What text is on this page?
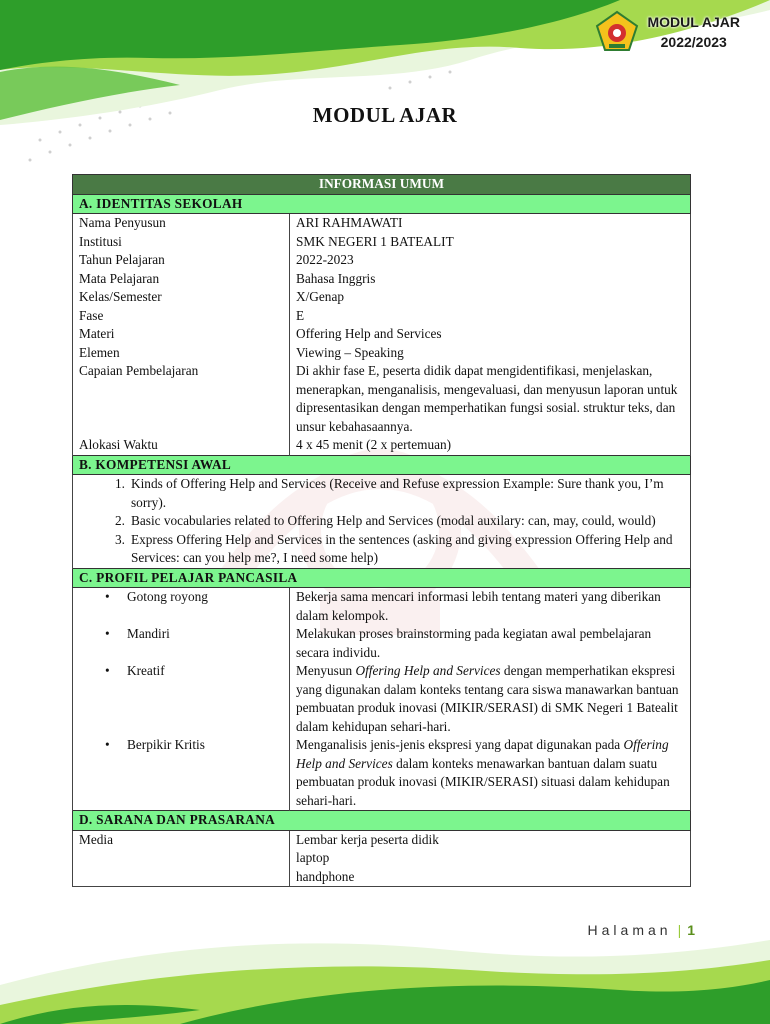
MODUL AJAR
2022/2023
MODUL AJAR
INFORMASI UMUM	
A. IDENTITAS SEKOLAH	
Nama Penyusun	ARI RAHMAWATI
Institusi	SMK NEGERI 1 BATEALIT
Tahun Pelajaran	2022-2023
Mata Pelajaran	Bahasa Inggris
Kelas/Semester	X/Genap
Fase	E
Materi	Offering Help and Services
Elemen	Viewing – Speaking
Capaian Pembelajaran	Di akhir fase E, peserta didik dapat mengidentifikasi, menjelaskan, menerapkan, menganalisis, mengevaluasi, dan menyusun laporan untuk dipresentasikan dengan memperhatikan fungsi sosial. struktur teks, dan unsur kebahasaannya.
Alokasi Waktu	4 x 45 menit (2 x pertemuan)
B. KOMPETENSI AWAL	

1. Kinds of Offering Help and Services (Receive and Refuse expression Example: Sure thank you, I’m sorry).	

2. Basic vocabularies related to Offering Help and Services (modal auxilary: can, may, could, would)	

3. Express Offering Help and Services in the sentences (asking and giving expression Offering Help and Services: can you help me?, I need some help)	

C. PROFIL PELAJAR PANCASILA	
• Gotong royong	Bekerja sama mencari informasi lebih tentang materi yang diberikan dalam kelompok.
• Mandiri	Melakukan proses brainstorming pada kegiatan awal pembelajaran secara individu.
• Kreatif	Menyusun Offering Help and Services dengan memperhatikan ekspresi yang digunakan dalam konteks tentang cara siswa manawarkan bantuan pembuatan produk inovasi (MIKIR/SERASI) di SMK Negeri 1 Batealit dalam kehidupan sehari-hari.
• Berpikir Kritis	Menganalisis jenis-jenis ekspresi yang dapat digunakan pada Offering Help and Services dalam konteks menawarkan bantuan dalam suatu pembuatan produk inovasi (MIKIR/SERASI) situasi dalam kehidupan sehari-hari.
D. SARANA DAN PRASARANA	
Media	Lembar kerja peserta didik
laptop
handphone
Halaman | 1
